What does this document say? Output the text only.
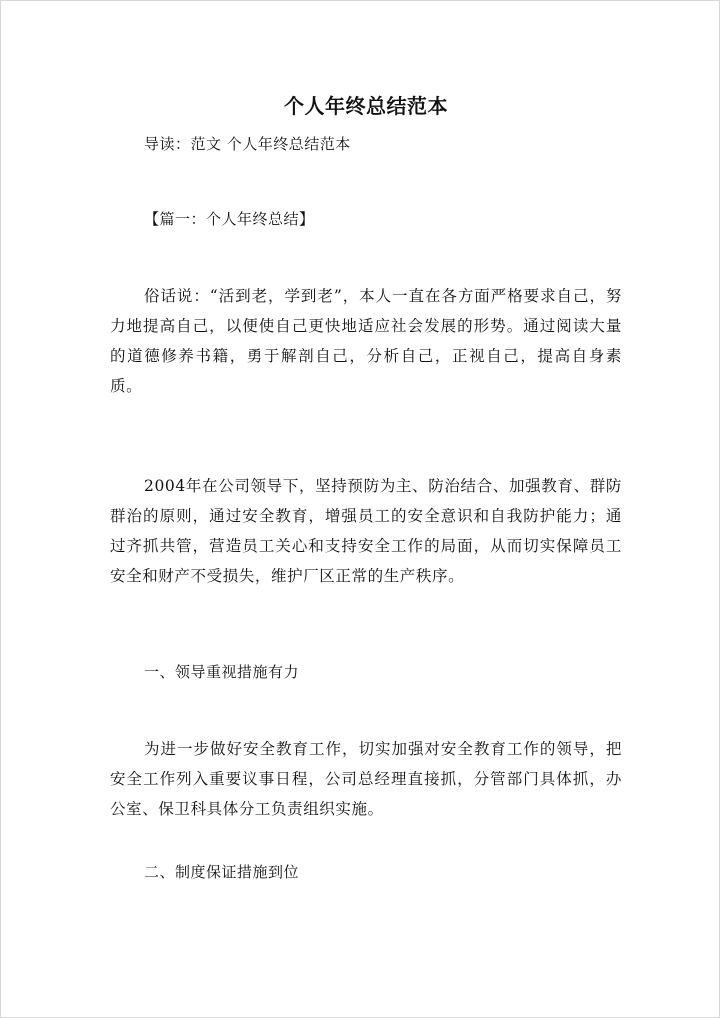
个人年终总结范本

导读：范文 个人年终总结范本

【篇一：个人年终总结】

俗话说：“活到老，学到老”，本人一直在各方面严格要求自己，努力地提高自己，以便使自己更快地适应社会发展的形势。通过阅读大量的道德修养书籍，勇于解剖自己，分析自己，正视自己，提高自身素质。

2004年在公司领导下，坚持预防为主、防治结合、加强教育、群防群治的原则，通过安全教育，增强员工的安全意识和自我防护能力；通过齐抓共管，营造员工关心和支持安全工作的局面，从而切实保障员工安全和财产不受损失，维护厂区正常的生产秩序。

一、领导重视措施有力

为进一步做好安全教育工作，切实加强对安全教育工作的领导，把安全工作列入重要议事日程，公司总经理直接抓，分管部门具体抓，办公室、保卫科具体分工负责组织实施。

二、制度保证措施到位
